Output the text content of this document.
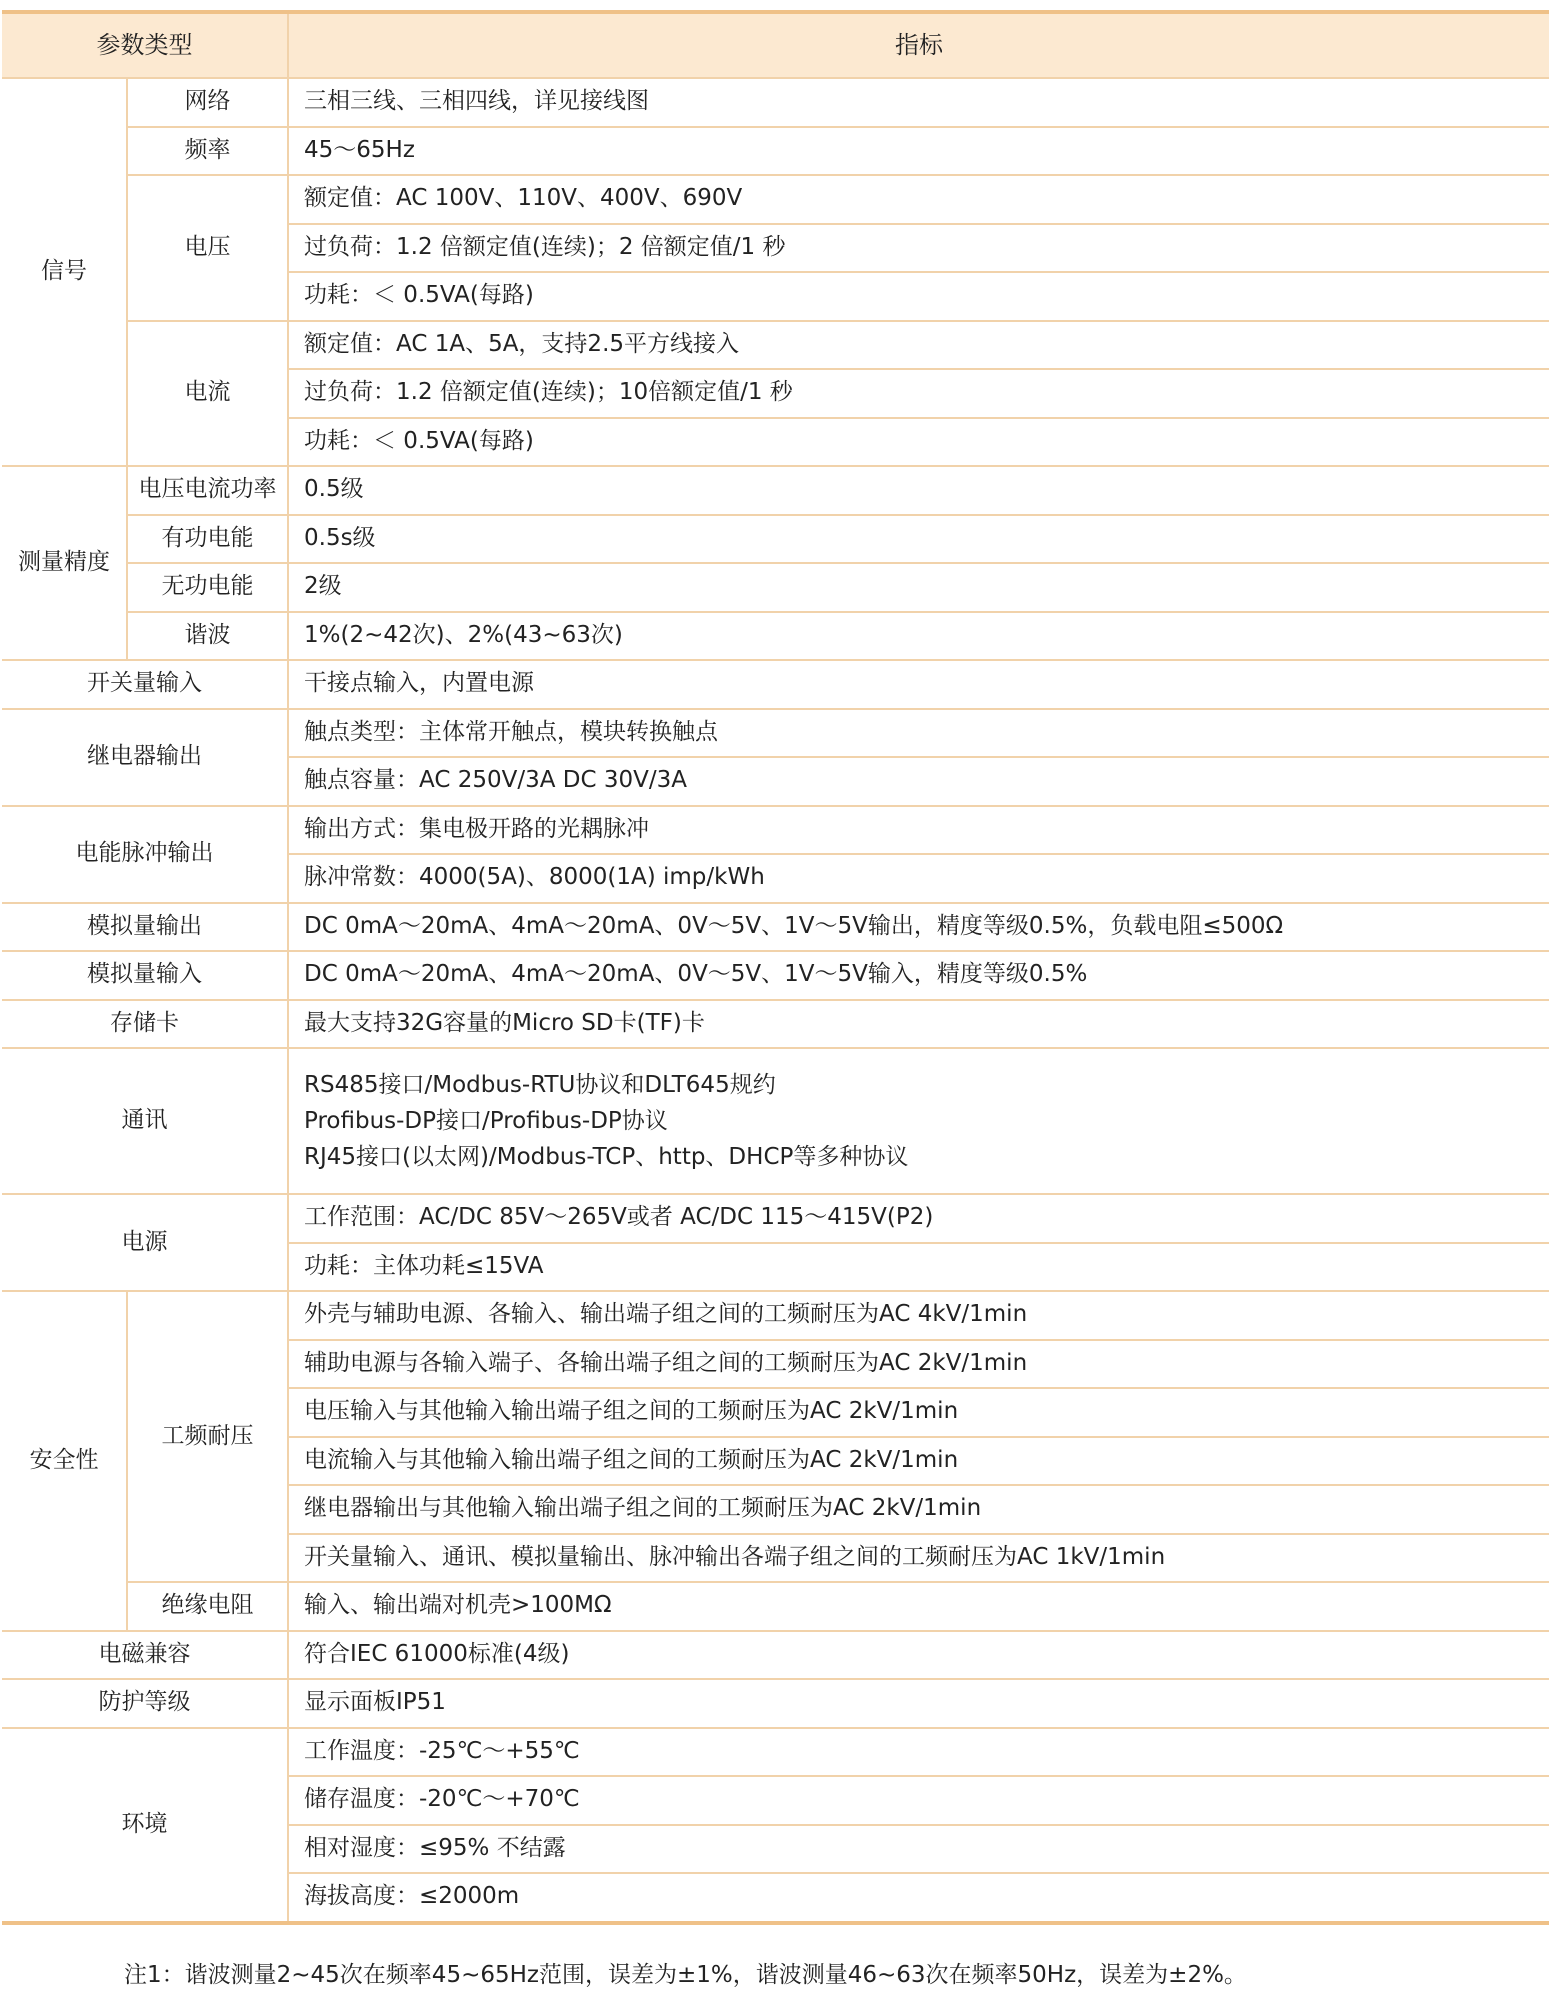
参数类型		指标
信号	网络	三相三线、三相四线，详见接线图
	频率	45～65Hz
	电压	额定值：AC 100V、110V、400V、690V
		过负荷：1.2 倍额定值(连续)；2 倍额定值/1 秒
		功耗：＜ 0.5VA(每路)
	电流	额定值：AC 1A、5A，支持2.5平方线接入
		过负荷：1.2 倍额定值(连续)；10倍额定值/1 秒
		功耗：＜ 0.5VA(每路)
测量精度	电压电流功率	0.5级
	有功电能	0.5s级
	无功电能	2级
	谐波	1%(2~42次)、2%(43~63次)
开关量输入		干接点输入，内置电源
继电器输出		触点类型：主体常开触点，模块转换触点
		触点容量：AC 250V/3A DC 30V/3A
电能脉冲输出		输出方式：集电极开路的光耦脉冲
		脉冲常数：4000(5A)、8000(1A) imp/kWh
模拟量输出		DC 0mA～20mA、4mA～20mA、0V～5V、1V～5V输出，精度等级0.5%，负载电阻≤500Ω
模拟量输入		DC 0mA～20mA、4mA～20mA、0V～5V、1V～5V输入，精度等级0.5%
存储卡		最大支持32G容量的Micro SD卡(TF)卡
通讯		RS485接口/Modbus-RTU协议和DLT645规约
Profibus-DP接口/Profibus-DP协议
RJ45接口(以太网)/Modbus-TCP、http、DHCP等多种协议

电源		工作范围：AC/DC 85V～265V或者 AC/DC 115～415V(P2)
		功耗：主体功耗≤15VA
安全性	工频耐压	外壳与辅助电源、各输入、输出端子组之间的工频耐压为AC 4kV/1min
		辅助电源与各输入端子、各输出端子组之间的工频耐压为AC 2kV/1min
		电压输入与其他输入输出端子组之间的工频耐压为AC 2kV/1min
		电流输入与其他输入输出端子组之间的工频耐压为AC 2kV/1min
		继电器输出与其他输入输出端子组之间的工频耐压为AC 2kV/1min
		开关量输入、通讯、模拟量输出、脉冲输出各端子组之间的工频耐压为AC 1kV/1min
	绝缘电阻	输入、输出端对机壳>100MΩ
电磁兼容		符合IEC 61000标准(4级)
防护等级		显示面板IP51
环境		工作温度：-25℃～+55℃
		储存温度：-20℃～+70℃
		相对湿度：≤95% 不结露
		海拔高度：≤2000m

注1：谐波测量2~45次在频率45~65Hz范围，误差为±1%，谐波测量46~63次在频率50Hz，误差为±2%。
